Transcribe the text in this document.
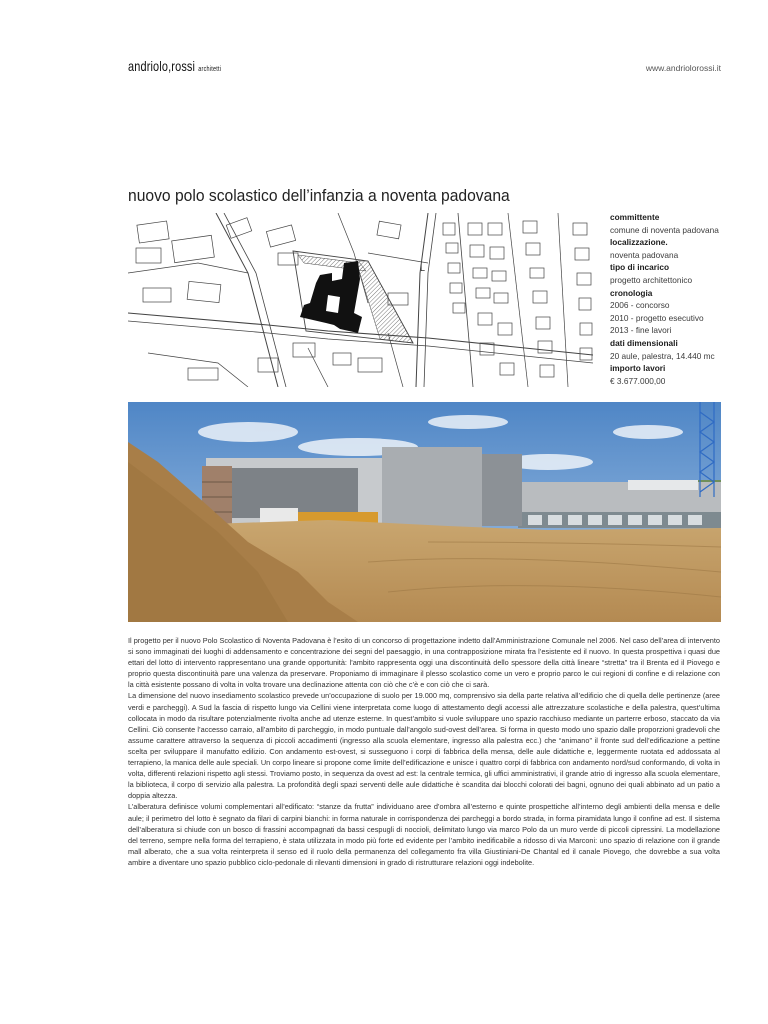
andriolo,rossi architetti	www.andriolorossi.it
nuovo polo scolastico dell’infanzia a noventa padovana
L
committente
comune di noventa padovana
localizzazione.
noventa padovana
tipo di incarico
progetto architettonico
cronologia
2006 - concorso
2010 - progetto esecutivo
2013 - fine lavori
dati dimensionali
20 aule, palestra, 14.440 mc
importo lavori
€ 3.677.000,00

Il progetto per il nuovo Polo Scolastico di Noventa Padovana è l’esito di un concorso di progettazione indetto dall’Amministrazione Comunale nel 2006. Nel caso dell’area di intervento si sono immaginati dei luoghi di addensamento e concentrazione dei segni del paesaggio, in una contrapposizione mirata fra l’esistente ed il nuovo. In questa prospettiva i quasi due ettari del lotto di intervento rappresentano una grande opportunità: l’ambito rappresenta oggi una discontinuità dello spessore della città lineare “stretta” tra il Brenta ed il Piovego e proprio questa discontinuità pare una valenza da preservare. Proponiamo di immaginare il plesso scolastico come un vero e proprio parco le cui regioni di confine e di relazione con la città esistente possano di volta in volta trovare una declinazione attenta con ciò che c’è e con ciò che ci sarà.

La dimensione del nuovo insediamento scolastico prevede un’occupazione di suolo per 19.000 mq, comprensivo sia della parte relativa all’edificio che di quella delle pertinenze (aree verdi e parcheggi). A Sud la fascia di rispetto lungo via Cellini viene interpretata come luogo di attestamento degli accessi alle attrezzature scolastiche e della palestra, quest’ultima collocata in modo da risultare potenzialmente rivolta anche ad utenze esterne. In quest’ambito si vuole sviluppare uno spazio racchiuso mediante un parterre erboso, staccato da via Cellini. Ciò consente l’accesso carraio, all’ambito di parcheggio, in modo puntuale dall’angolo sud-ovest dell’area. Si forma in questo modo uno spazio dalle proporzioni gradevoli che assume carattere attraverso la sequenza di piccoli accadimenti (ingresso alla scuola elementare, ingresso alla palestra ecc.) che “animano” il fronte sud dell’edificazione a pettine scelta per sviluppare il manufatto edilizio. Con andamento est-ovest, si susseguono i corpi di fabbrica della mensa, delle aule didattiche e, leggermente ruotata ed addossata al terrapieno, la manica delle aule speciali. Un corpo lineare si propone come limite dell’edificazione e unisce i quattro corpi di fabbrica con andamento nord/sud conformando, di volta in volta, differenti relazioni rispetto agli stessi. Troviamo posto, in sequenza da ovest ad est: la centrale termica, gli uffici amministrativi, il grande atrio di ingresso alla scuola elementare, la biblioteca, il corpo di servizio alla palestra. La profondità degli spazi serventi delle aule didattiche è scandita dai blocchi colorati dei bagni, ognuno dei quali abbinato ad un patio a doppia altezza.

L’alberatura definisce volumi complementari all’edificato: “stanze da frutta” individuano aree d’ombra all’esterno e quinte prospettiche all’interno degli ambienti della mensa e delle aule; il perimetro del lotto è segnato da filari di carpini bianchi: in forma naturale in corrispondenza dei parcheggi a bordo strada, in forma piramidata lungo il confine ad est. Il sistema dell’alberatura si chiude con un bosco di frassini accompagnati da bassi cespugli di noccioli, delimitato lungo via marco Polo da un muro verde di piccoli cipressini. La modellazione del terreno, sempre nella forma del terrapieno, è stata utilizzata in modo più forte ed evidente per l’ambito inedificabile a ridosso di via Marconi: uno spazio di relazione con il grande mall alberato, che a sua volta reinterpreta il senso ed il ruolo della permanenza del collegamento fra villa Giustiniani-De Chantal ed il canale Piovego, che dovrebbe a sua volta ambire a diventare uno spazio pubblico ciclo-pedonale di rilevanti dimensioni in grado di ristrutturare relazioni oggi indebolite.
